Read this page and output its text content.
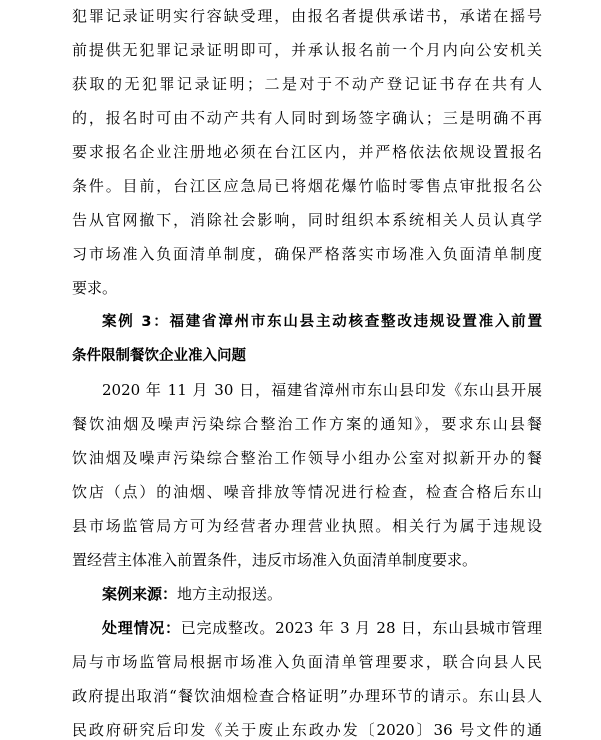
犯罪记录证明实行容缺受理，由报名者提供承诺书，承诺在摇号
前提供无犯罪记录证明即可，并承认报名前一个月内向公安机关
获取的无犯罪记录证明；二是对于不动产登记证书存在共有人
的，报名时可由不动产共有人同时到场签字确认；三是明确不再
要求报名企业注册地必须在台江区内，并严格依法依规设置报名
条件。目前，台江区应急局已将烟花爆竹临时零售点审批报名公
告从官网撤下，消除社会影响，同时组织本系统相关人员认真学
习市场准入负面清单制度，确保严格落实市场准入负面清单制度
要求。
案例 3：福建省漳州市东山县主动核查整改违规设置准入前置
条件限制餐饮企业准入问题
2020 年 11 月 30 日，福建省漳州市东山县印发《东山县开展
餐饮油烟及噪声污染综合整治工作方案的通知》，要求东山县餐
饮油烟及噪声污染综合整治工作领导小组办公室对拟新开办的餐
饮店（点）的油烟、噪音排放等情况进行检查，检查合格后东山
县市场监管局方可为经营者办理营业执照。相关行为属于违规设
置经营主体准入前置条件，违反市场准入负面清单制度要求。
案例来源：地方主动报送。
处理情况：已完成整改。2023 年 3 月 28 日，东山县城市管理
局与市场监管局根据市场准入负面清单管理要求，联合向县人民
政府提出取消“餐饮油烟检查合格证明”办理环节的请示。东山县人
民政府研究后印发《关于废止东政办发〔2020〕36 号文件的通
